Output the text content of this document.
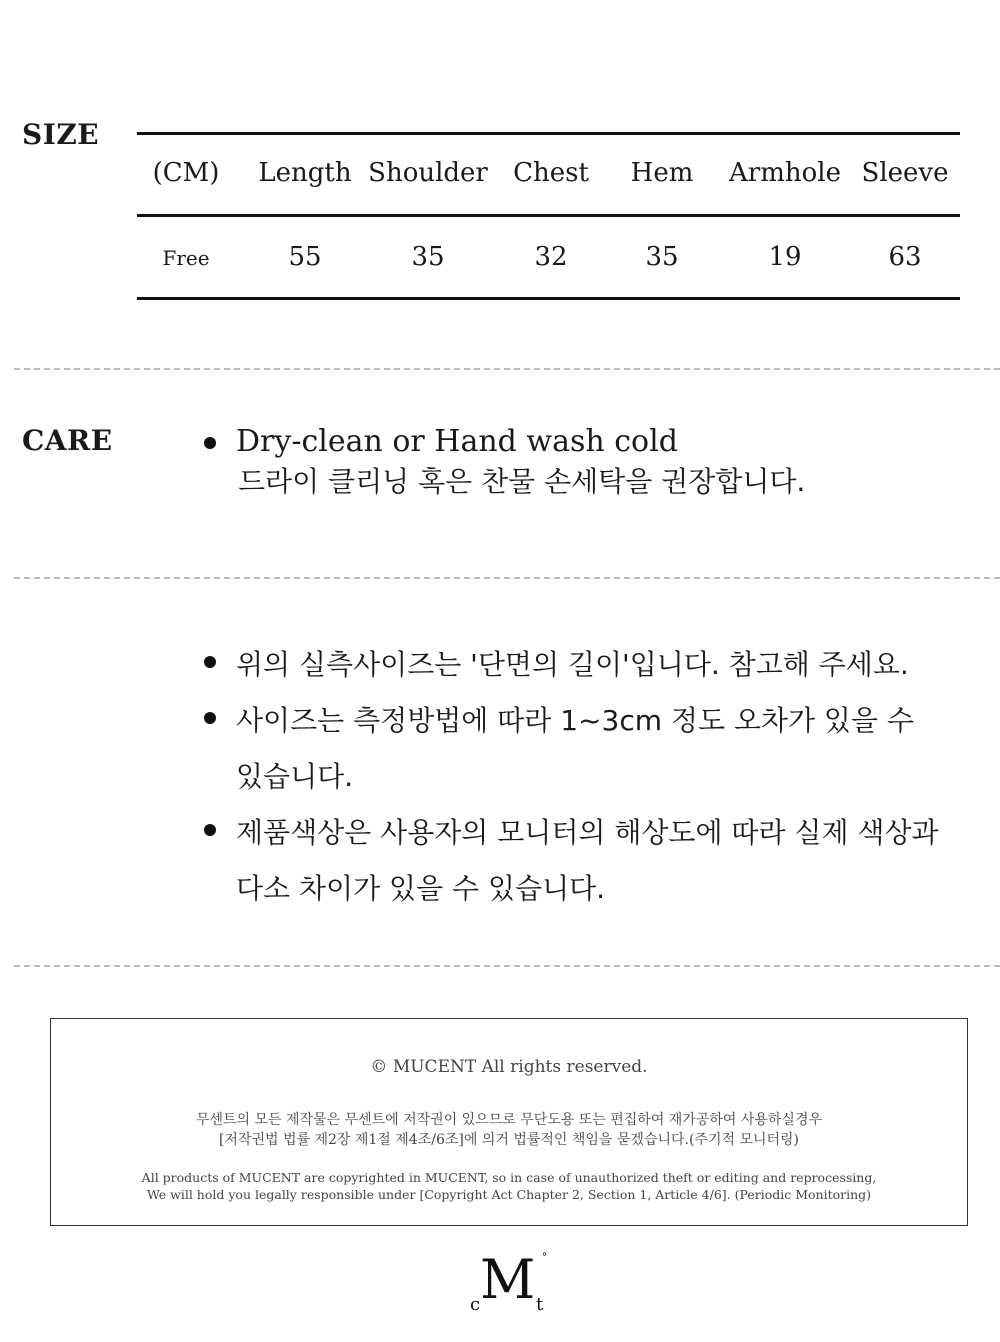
SIZE
(CM) Length Shoulder Chest Hem Armhole Sleeve
Free	55	35	32	35	19	63
CARE	Dry-clean or Hand wash cold
드라이 클리닝 혹은 찬물 손세탁을 권장합니다.
위의 실측사이즈는 '단면의 길이'입니다. 참고해 주세요.
사이즈는 측정방법에 따라 1~3cm 정도 오차가 있을 수
있습니다.
제품색상은 사용자의 모니터의 해상도에 따라 실제 색상과
다소 차이가 있을 수 있습니다.
© MUCENT All rights reserved.
무센트의 모든 제작물은 무센트에 저작권이 있으므로 무단도용 또는 편집하여 재가공하여 사용하실경우
[저작권법 법률 제2장 제1절 제4조/6조]에 의거 법률적인 책임을 묻겠습니다.(주기적 모니터링)
All products of MUCENT are copyrighted in MUCENT, so in case of unauthorized theft or editing and reprocessing,
We will hold you legally responsible under [Copyright Act Chapter 2, Section 1, Article 4/6]. (Periodic Monitoring)
c M t
°
